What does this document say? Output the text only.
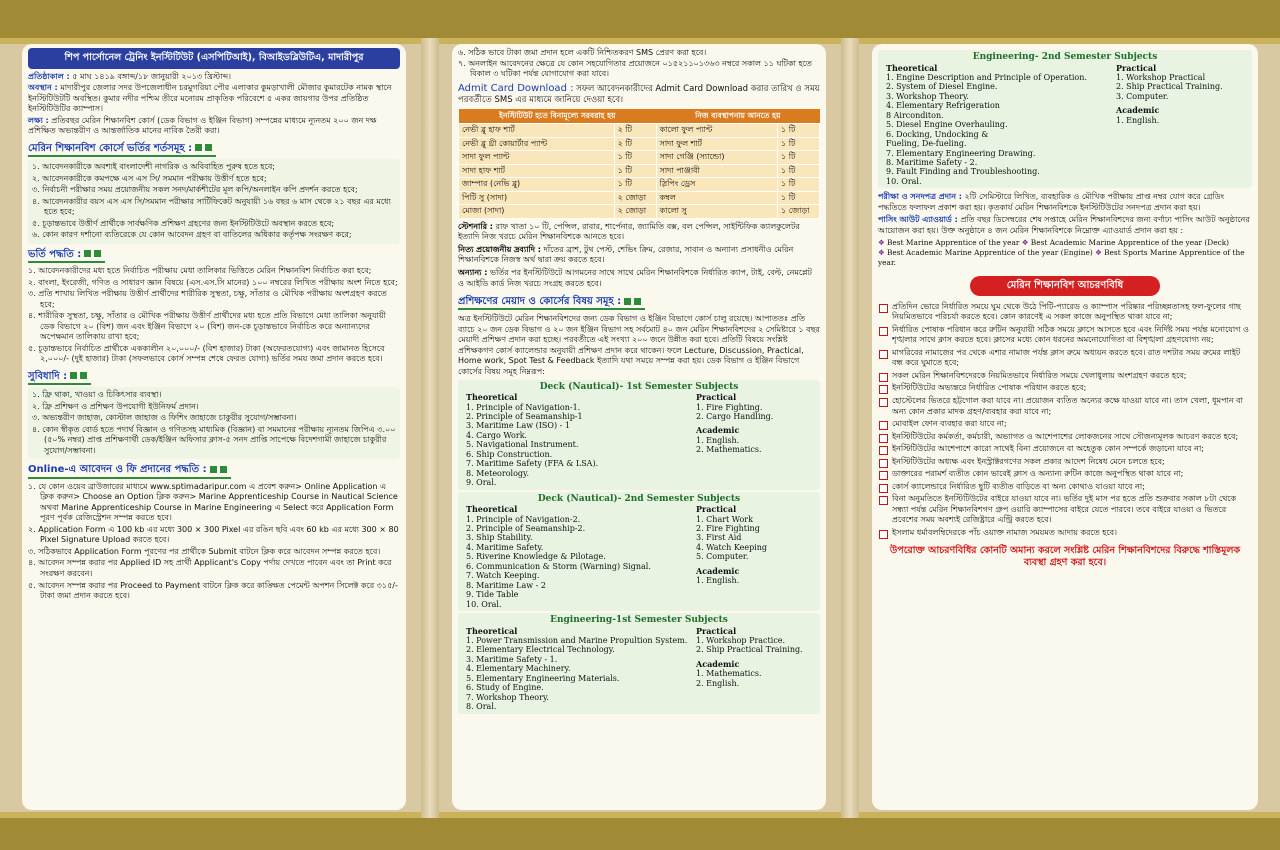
শিপ পার্সোনেল ট্রেনিং ইনস্টিটিউট (এসপিটিআই), বিআইডব্লিউটিএ, মাদারীপুর
প্রতিষ্ঠাকাল : ৫ মাঘ ১৪১৯ বঙ্গাব্দ/১৮ জানুয়ারী ২০১৩ খ্রিস্টাব্দ।
অবস্থান : মাদারীপুর জেলার সদর উপজেলাধীন চরমুগরিয়া পৌর এলাকার কুমড়াখালী মৌজার কুমারটেক নামক স্থানে ইনস্টিটিউটটি অবস্থিত। কুমার নদীর পশ্চিম তীরে মনোরম প্রাকৃতিক পরিবেশে ৫ একর জায়গার উপর প্রতিষ্ঠিত ইনস্টিটিউটির ক্যাম্পাস।
লক্ষ্য : প্রতিবছর মেরিন শিক্ষানবিশ কোর্স (ডেক বিভাগ ও ইঞ্জিন বিভাগ) সম্পন্নের মাধ্যমে ন্যূনতম ২০০ জন দক্ষ প্রশিক্ষিত অভ্যন্তরীণ ও আন্তর্জাতিক মানের নাবিক তৈরী করা।
মেরিন শিক্ষানবিশ কোর্সে ভর্তির শর্তসমূহ :
১. আবেদনকারীকে অবশ্যই বাংলাদেশী নাগরিক ও অবিবাহিত পুরুষ হতে হবে;
২. আবেদনকারীকে কমপক্ষে এস এস সি/ সমমান পরীক্ষায় উত্তীর্ণ হতে হবে;
৩. নির্বাচনী পরীক্ষার সময় প্রয়োজনীয় সকল সনদ/মার্কশীটের মূল কপি/অনলাইন কপি প্রদর্শন করতে হবে;
৪. আবেদনকারীর বয়স এস এস সি/সমমান পরীক্ষার সার্টিফিকেট অনুযায়ী ১৬ বছর ৬ মাস থেকে ২১ বছর এর মধ্যে হতে হবে;
৫. চূড়ান্তভাবে উত্তীর্ণ প্রার্থীকে সার্বক্ষণিক প্রশিক্ষণ গ্রহণের জন্য ইনস্টিটিউটে অবস্থান করতে হবে;
৬. কোন কারণ দর্শানো ব্যতিরেকে যে কোন আবেদন গ্রহণ বা বাতিলের অধিকার কর্তৃপক্ষ সংরক্ষণ করে;
ভর্তি পদ্ধতি :
১. আবেদনকারীদের মধ্য হতে নির্বাচিত পরীক্ষায় মেধা তালিকার ভিত্তিতে মেরিন শিক্ষানবিশ নির্বাচিত করা হবে;
২. বাংলা, ইংরেজী, গণিত ও সাধারণ জ্ঞান বিষয়ে (এস.এস.সি মানের) ১০০ নম্বরের লিখিত পরীক্ষায় অংশ নিতে হবে;
৩. প্রতি শাখায় লিখিত পরীক্ষায় উত্তীর্ণ প্রার্থীদের শারীরিক সুস্থতা, চক্ষু, সাঁতার ও মৌখিক পরীক্ষায় অংশগ্রহণ করতে হবে;
৪. শারীরিক সুস্থতা, চক্ষু, সাঁতার ও মৌখিক পরীক্ষায় উত্তীর্ণ প্রার্থীদের মধ্য হতে প্রতি বিভাগে মেধা তালিকা অনুযায়ী ডেক বিভাগে ২০ (বিশ) জন এবং ইঞ্জিন বিভাগে ২০ (বিশ) জন-কে চূড়ান্তভাবে নির্বাচিত করে অন্যান্যদের অপেক্ষমান তালিকায় রাখা হবে;
৫. চূড়ান্তভাবে নির্বাচিত প্রার্থীকে এককালীন ২০,০০০/- (বিশ হাজার) টাকা (অফেরতযোগ্য) এবং জামানত হিসেবে ২,০০০/- (দুই হাজার) টাকা (সফলভাবে কোর্স সম্পন্ন শেষে ফেরত যোগ্য) ভর্তির সময় জমা প্রদান করতে হবে।
সুবিধাদি :
১. ফ্রি থাকা, খাওয়া ও চিকিৎসার ব্যবস্থা।
২. ফ্রি প্রশিক্ষণ ও প্রশিক্ষণ উপযোগী ইউনিফর্ম প্রদান।
৩. অভ্যন্তরীণ জাহাজ, কোস্টাল জাহাজ ও ফিশিং জাহাজে চাকুরীর সুযোগ/সম্ভাবনা।
৪. কোন স্বীকৃত বোর্ড হতে পদার্থ বিজ্ঞান ও গণিতসহ মাধ্যমিক (বিজ্ঞান) বা সমমানের পরীক্ষায় ন্যূনতম জিপিএ ৩.০০ (৫০% নম্বর) প্রাপ্ত প্রশিক্ষণার্থী ডেক/ইঞ্জিন অফিসার ক্লাস-৫ সনদ প্রাপ্তি সাপেক্ষে বিদেশগামী জাহাজে চাকুরীর সুযোগ/সম্ভাবনা।
Online-এ আবেদন ও ফি প্রদানের পদ্ধতি :
১. যে কোন ওয়েব ব্রাউজারের মাধ্যমে www.sptimadaripur.com এ প্রবেশ করুন> Online Application এ ক্লিক করুন> Choose an Option ক্লিক করুন> Marine Apprenticeship Course in Nautical Science অথবা Marine Apprenticeship Course in Marine Engineering এ Select করে Application Form পূরণ পূর্বক রেজিস্ট্রেশন সম্পন্ন করতে হবে।
২. Application Form এ 100 kb এর মধ্যে 300 × 300 Pixel এর রঙিন ছবি এবং 60 kb এর মধ্যে 300 × 80 Pixel Signature Upload করতে হবে।
৩. সঠিকভাবে Application Form পূরণের পর প্রার্থীকে Submit বাটনে ক্লিক করে আবেদন সম্পন্ন করতে হবে।
৪. আবেদন সম্পন্ন করার পর Applied ID সহ প্রার্থী Applicant's Copy পর্দায় দেখতে পাবেন এবং তা Print করে সংরক্ষণ করবেন।
৫. আবেদন সম্পন্ন করার পর Proceed to Payment বাটনে ক্লিক করে কাঙ্ক্ষিত পেমেন্ট অপশন সিলেক্ট করে ৩১৫/- টাকা জমা প্রদান করতে হবে।
৬. সঠিক ভাবে টাকা জমা প্রদান হলে একটি নিশ্চিতকরণ SMS প্রেরণ করা হবে।
৭. অনলাইন আবেদনের ক্ষেত্রে যে কোন সহযোগিতার প্রয়োজনে ০১৫২১১০১৩৬৩ নম্বরে সকাল ১১ ঘটিকা হতে বিকাল ৩ ঘটিকা পর্যন্ত যোগাযোগ করা যাবে।
Admit Card Download : সফল আবেদনকারীদের Admit Card Download করার তারিখ ও সময় পরবর্তীতে SMS এর মাধ্যমে জানিয়ে দেওয়া হবে।
ইনস্টিটিউট হতে বিনামূল্যে সরবরাহ হয়		নিজ ব্যবস্থাপনায় আনতে হয়	
নেভী ব্লু হাফ শার্ট	২ টি	কালো ফুল প্যান্ট	১ টি
নেভী ব্লু থ্রী কোয়ার্টার প্যান্ট	২ টি	সাদা ফুল শার্ট	১ টি
সাদা ফুল প্যান্ট	১ টি	সাদা গেঞ্জি (স্যান্ডো)	১ টি
সাদা হাফ শার্ট	১ টি	সাদা পাঞ্জাবী	১ টি
জাম্পার (নেভি ব্লু)	১ টি	স্লিপিং ড্রেস	১ টি
পিটি সু (সাদা)	২ জোড়া	কম্বল	১ টি
মোজা (সাদা)	২ জোড়া	কালো সু	১ জোড়া
স্টেশনারি : রাফ খাতা ১০ টি, পেন্সিল, রাবার, শার্পেনার, জ্যামিতি বক্স, বল পেন্সিল, সাইন্টিফিক ক্যালকুলেটর ইত্যাদি নিজ খরচে মেরিন শিক্ষানবিশকে আনতে হবে।
নিত্য প্রয়োজনীয় দ্রব্যাদি : দাঁতের ব্রাশ, টুথ পেস্ট, শেভিং ক্রিম, রেজার, সাবান ও অন্যান্য প্রসাধনীও মেরিন শিক্ষানবিশকে নিজস্ব অর্থ দ্বারা ক্রয় করতে হবে।
অন্যান্য : ভর্তির পর ইনস্টিটিউটে আগমনের সাথে সাথে মেরিন শিক্ষানবিশকে নির্ধারিত ক্যাপ, টাই, বেল্ট, নেমপ্লেট ও আইডি কার্ড নিজ খরচে সংগ্রহ করতে হবে।
প্রশিক্ষণের মেয়াদ ও কোর্সের বিষয় সমূহ :
অত্র ইনস্টিটিউটে মেরিন শিক্ষানবিশদের জন্য ডেক বিভাগ ও ইঞ্জিন বিভাগে কোর্স চালু রয়েছে। আপাততঃ প্রতি ব্যাচে ২০ জন ডেক বিভাগ ও ২০ জন ইঞ্জিন বিভাগ সহ সর্বমোট ৪০ জন মেরিন শিক্ষানবিশদের ২ সেমিষ্টারে ১ বছর মেয়াদী প্রশিক্ষণ প্রদান করা হচ্ছে। পরবর্তীতে এই সংখ্যা ২০০ জনে উন্নীত করা হবে। প্রতিটি বিষয়ে সংশ্লিষ্ট প্রশিক্ষকগণ কোর্স ক্যালেন্ডার অনুযায়ী প্রশিক্ষণ প্রদান করে থাকেন। ফলে Lecture, Discussion, Practical, Home work, Spot Test & Feedback ইত্যাদি যথা সময়ে সম্পন্ন করা হয়। ডেক বিভাগ ও ইঞ্জিন বিভাগে কোর্সের বিষয় সমূহ নিম্নরূপ:
Deck (Nautical)- 1st Semester Subjects
Theoretical
1. Principle of Navigation-1.
2. Principle of Seamanship-1
3. Maritime Law (ISO) - 1
4. Cargo Work.
5. Navigational Instrument.
6. Ship Construction.
7. Maritime Safety (FFA & LSA).
8. Meteorology.
9. Oral.
Practical
1. Fire Fighting.
2. Cargo Handling.
Academic
1. English.
2. Mathematics.
Deck (Nautical)- 2nd Semester Subjects
Theoretical
1. Principle of Navigation-2.
2. Principle of Seamanship-2.
3. Ship Stability.
4. Maritime Safety.
5. Riverine Knowledge & Pilotage.
6. Communication & Storm (Warning) Signal.
7. Watch Keeping.
8. Maritime Law - 2
9. Tide Table
10. Oral.
Practical
1. Chart Work
2. Fire Fighting
3. First Aid
4. Watch Keeping
5. Computer.
Academic
1. English.
Engineering-1st Semester Subjects
Theoretical
1. Power Transmission and Marine Propultion System.
2. Elementary Electrical Technology.
3. Maritime Safety - 1.
4. Elementary Machinery.
5. Elementary Engineering Materials.
6. Study of Engine.
7. Workshop Theory.
8. Oral.
Practical
1. Workshop Practice.
2. Ship Practical Training.
Academic
1. Mathematics.
2. English.
Engineering- 2nd Semester Subjects
Theoretical
1. Engine Description and Principle of Operation.
2. System of Diesel Engine.
3. Workshop Theory.
4. Elementary Refrigeration
8 Airconditon.
5. Diesel Engine Overhauling.
6. Docking, Undocking &
Fueling, De-fueling.
7. Elementary Engineering Drawing.
8. Maritime Safety - 2.
9. Fault Finding and Troubleshooting.
10. Oral.
Practical
1. Workshop Practical
2. Ship Practical Training.
3. Computer.
Academic
1. English.
পরীক্ষা ও সনদপত্র প্রদান : ২টি সেমিস্টারে লিখিত, ব্যবহারিক ও মৌখিক পরীক্ষায় প্রাপ্ত নম্বর যোগ করে গ্রেডিং পদ্ধতিতে ফলাফল প্রকাশ করা হয়। কৃতকার্য মেরিন শিক্ষানবিশকে ইনস্টিটিউটের সনদপত্র প্রদান করা হয়।
পাসিং আউট এ্যাওয়ার্ড : প্রতি বছর ডিসেম্বরের শেষ সপ্তাহে মেরিন শিক্ষানবিশদের জন্য বর্ণাঢ্য পাসিং আউট অনুষ্ঠানের আয়োজন করা হয়। উক্ত অনুষ্ঠানে ৪ জন মেরিন শিক্ষানবিশকে নিম্নোক্ত এ্যাওয়ার্ড প্রদান করা হয় :
❖ Best Marine Apprentice of the year ❖ Best Academic Marine Apprentice of the year (Deck)
❖ Best Academic Marine Apprentice of the year (Engine) ❖ Best Sports Marine Apprentice of the year.
মেরিন শিক্ষানবিশ আচরণবিধি
প্রতিদিন ভোরে নির্ধারিত সময়ে ঘুম থেকে উঠে পিটি-প্যারেড ও ক্যাম্পাস পরিষ্কার পরিচ্ছন্নতাসহ ফল-ফুলের গাছ নিয়মিতভাবে পরিচর্যা করতে হবে। কোন কারণেই এ সকল কাজে অনুপস্থিত থাকা যাবে না;
নির্ধারিত পোষাক পরিধান করে রুটিন অনুযায়ী সঠিক সময়ে ক্লাসে আসতে হবে এবং নির্দিষ্ট সময় পর্যন্ত মনোযোগ ও শৃঙ্খলার সাথে ক্লাস করতে হবে। ক্লাসের মধ্যে কোন ধরনের অমনোযোগিতা বা বিশৃঙ্খলা গ্রহণযোগ্য নয়;
মাগরিবের নামাজের পর থেকে এশার নামাজ পর্যন্ত ক্লাস রুমে অধ্যয়ন করতে হবে। রাত দশটার সময় রুমের লাইট বন্ধ করে ঘুমাতে হবে;
সকল মেরিন শিক্ষানবিশদেরকে নিয়মিতভাবে নির্ধারিত সময়ে খেলাধুলায় অংশগ্রহণ করতে হবে;
ইনস্টিটিউটের অভ্যন্তরে নির্ধারিত পোষাক পরিধান করতে হবে;
হোস্টেলের ভিতরে হট্টগোল করা যাবে না। প্রয়োজন ব্যতিত অন্যের কক্ষে যাওয়া যাবে না। তাস খেলা, ধূমপান বা অন্য কোন প্রকার মাদক গ্রহণ/ব্যবহার করা যাবে না;
মোবাইল ফোন ব্যবহার করা যাবে না;
ইনস্টিটিউটের কর্মকর্তা, কর্মচারী, অভ্যাগত ও আশেপাশের লোকজনের সাথে সৌজন্যমূলক আচরণ করতে হবে;
ইনস্টিটিউটের আশেপাশে কারো সাথেই বিনা প্রয়োজনে বা অহেতুক কোন সম্পর্কে জড়ানো যাবে না;
ইনস্টিটিউটের অধ্যক্ষ এবং ইনস্ট্রাক্টরগণের সকল প্রকার আদেশ নিষেধ মেনে চলতে হবে;
ডাক্তারের পরামর্শ ব্যতীত কোন ভাবেই ক্লাস ও অন্যান্য রুটিন কাজে অনুপস্থিত থাকা যাবে না;
কোর্স ক্যালেন্ডারে নির্ধারিত ছুটি ব্যতীত বাড়িতে বা অন্য কোথাও যাওয়া যাবে না;
বিনা অনুমতিতে ইনস্টিটিউটের বাইরে যাওয়া যাবে না। ভর্তির দুই মাস পর হতে প্রতি শুক্রবার সকাল ৮টা থেকে সন্ধ্যা পর্যন্ত মেরিন শিক্ষানবিশগণ গ্রুপ ওয়ারি ক্যাম্পাসের বাইরে যেতে পারবে। তবে বাইরে যাওয়া ও ভিতরে প্রবেশের সময় অবশ্যই রেজিষ্ট্রারে এন্ট্রি করতে হবে।
ইসলাম ধর্মাবলম্বিদেরকে পাঁচ ওয়াক্ত নামাজ সময়মত আদায় করতে হবে।
উপরোক্ত আচরণবিধির কোনটি অমান্য করলে সংশ্লিষ্ট মেরিন শিক্ষানবিশদের বিরুদ্ধে শাস্তিমূলক ব্যবস্থা গ্রহণ করা হবে।
